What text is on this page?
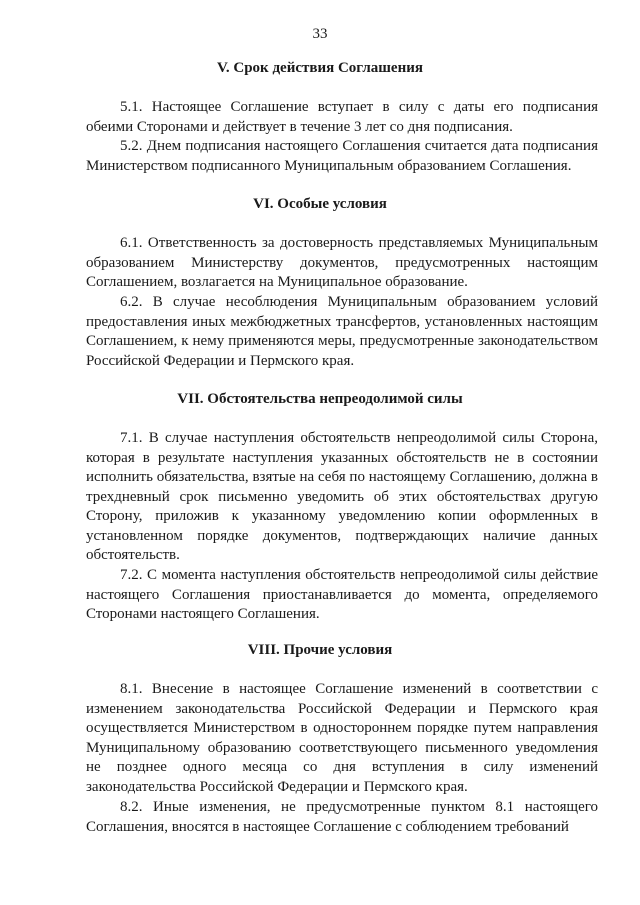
33
V. Срок действия Соглашения

5.1. Настоящее Соглашение вступает в силу с даты его подписания обеими Сторонами и действует в течение 3 лет со дня подписания.

5.2. Днем подписания настоящего Соглашения считается дата подписания Министерством подписанного Муниципальным образованием Соглашения.

VI. Особые условия

6.1. Ответственность за достоверность представляемых Муниципальным образованием Министерству документов, предусмотренных настоящим Соглашением, возлагается на Муниципальное образование.

6.2. В случае несоблюдения Муниципальным образованием условий предоставления иных межбюджетных трансфертов, установленных настоящим Соглашением, к нему применяются меры, предусмотренные законодательством Российской Федерации и Пермского края.

VII. Обстоятельства непреодолимой силы

7.1. В случае наступления обстоятельств непреодолимой силы Сторона, которая в результате наступления указанных обстоятельств не в состоянии исполнить обязательства, взятые на себя по настоящему Соглашению, должна в трехдневный срок письменно уведомить об этих обстоятельствах другую Сторону, приложив к указанному уведомлению копии оформленных в установленном порядке документов, подтверждающих наличие данных обстоятельств.

7.2. С момента наступления обстоятельств непреодолимой силы действие настоящего Соглашения приостанавливается до момента, определяемого Сторонами настоящего Соглашения.

VIII. Прочие условия

8.1. Внесение в настоящее Соглашение изменений в соответствии с изменением законодательства Российской Федерации и Пермского края осуществляется Министерством в одностороннем порядке путем направления Муниципальному образованию соответствующего письменного уведомления не позднее одного месяца со дня вступления в силу изменений законодательства Российской Федерации и Пермского края.

8.2. Иные изменения, не предусмотренные пунктом 8.1 настоящего Соглашения, вносятся в настоящее Соглашение с соблюдением требований
